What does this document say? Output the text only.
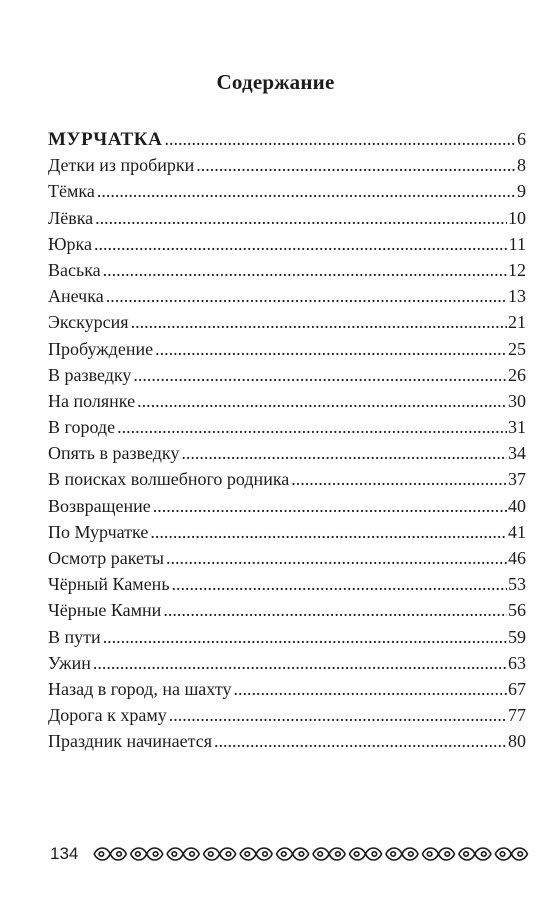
Содержание
МУРЧАТКА .....	6
Детки из пробирки .....	8
Тёмка .....	9
Лёвка .....	10
Юрка .....	11
Васька .....	12
Анечка .....	13
Экскурсия .....	21
Пробуждение .....	25
В разведку .....	26
На полянке .....	30
В городе .....	31
Опять в разведку .....	34
В поисках волшебного родника .....	37
Возвращение .....	40
По Мурчатке .....	41
Осмотр ракеты .....	46
Чёрный Камень .....	53
Чёрные Камни .....	56
В пути .....	59
Ужин .....	63
Назад в город, на шахту .....	67
Дорога к храму .....	77
Праздник начинается .....	80
134
